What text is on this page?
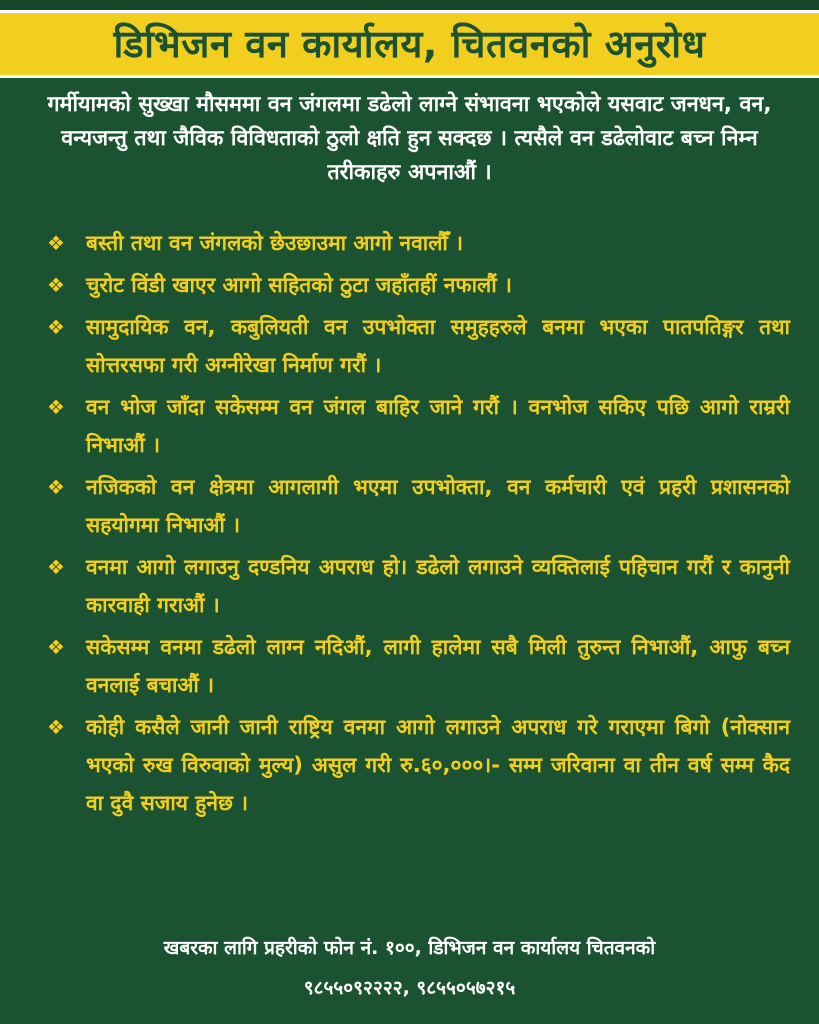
डिभिजन वन कार्यालय, चितवनको अनुरोध
गर्मीयामको सुख्खा मौसममा वन जंगलमा डढेलो लाग्ने संभावना भएकोले यसवाट जनधन, वन, वन्यजन्तु तथा जैविक विविधताको ठुलो क्षति हुन सक्दछ । त्यसैले वन डढेलोवाट बच्न निम्न तरीकाहरु अपनाऔं ।
❖ बस्ती तथा वन जंगलको छेउछाउमा आगो नवालौँ ।
❖ चुरोट विंडी खाएर आगो सहितको ठुटा जहाँतहीं नफालौं ।
❖ सामुदायिक वन, कबुलियती वन उपभोक्ता समुहहरुले बनमा भएका पातपतिङ्गर तथा सोत्तरसफा गरी अग्नीरेखा निर्माण गरौं ।
❖ वन भोज जाँदा सकेसम्म वन जंगल बाहिर जाने गरौं । वनभोज सकिए पछि आगो राम्ररी निभाऔं ।
❖ नजिकको वन क्षेत्रमा आगलागी भएमा उपभोक्ता, वन कर्मचारी एवं प्रहरी प्रशासनको सहयोगमा निभाऔं ।
❖ वनमा आगो लगाउनु दण्डनिय अपराध हो। डढेलो लगाउने व्यक्तिलाई पहिचान गरौं र कानुनी कारवाही गराऔं ।
❖ सकेसम्म वनमा डढेलो लाग्न नदिऔं, लागी हालेमा सबै मिली तुरुन्त निभाऔं, आफु बच्न वनलाई बचाऔं ।
❖ कोही कसैले जानी जानी राष्ट्रिय वनमा आगो लगाउने अपराध गरे गराएमा बिगो (नोक्सान भएको रुख विरुवाको मुल्य) असुल गरी रु.६०,०००।- सम्म जरिवाना वा तीन वर्ष सम्म कैद वा दुवै सजाय हुनेछ ।
खबरका लागि प्रहरीको फोन नं. १००, डिभिजन वन कार्यालय चितवनको
९८५५०९२२२२, ९८५५०५७२१५
